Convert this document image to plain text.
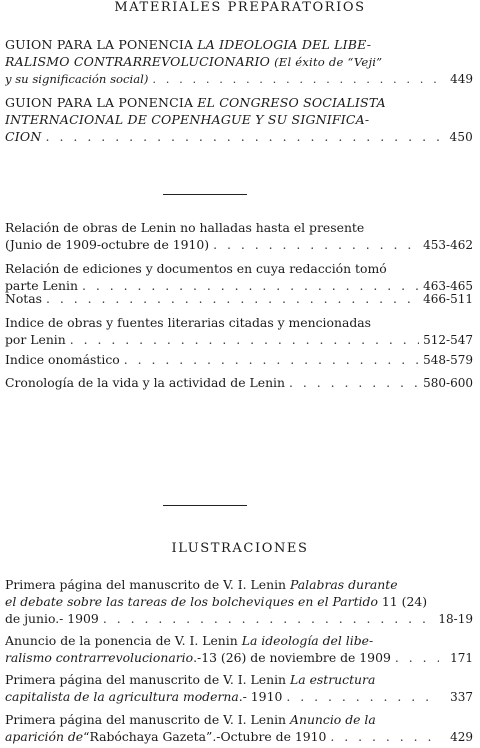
MATERIALES PREPARATORIOS
GUION PARA LA PONENCIA LA IDEOLOGIA DEL LIBE-
RALISMO CONTRARREVOLUCIONARIO (El éxito de “Veji”
y su significación social) . . .	449
GUION PARA LA PONENCIA EL CONGRESO SOCIALISTA
INTERNACIONAL DE COPENHAGUE Y SU SIGNIFICA-
CION . . .	450
Relación de obras de Lenin no halladas hasta el presente
(Junio de 1909-octubre de 1910) . . .	453-462
Relación de ediciones y documentos en cuya redacción tomó
parte Lenin . . .	463-465
Notas . . .	466-511
Indice de obras y fuentes literarias citadas y mencionadas
por Lenin . . .	512-547
Indice onomástico . . .	548-579
Cronología de la vida y la actividad de Lenin . . .	580-600
ILUSTRACIONES
Primera página del manuscrito de V. I. Lenin Palabras durante
el debate sobre las tareas de los bolcheviques en el Partido 11 (24)
de junio.- 1909 . . .	18-19
Anuncio de la ponencia de V. I. Lenin La ideología del libe-
ralismo contrarrevolucionario .-13 (26) de noviembre de 1909 . . .	171
Primera página del manuscrito de V. I. Lenin La estructura
capitalista de la agricultura moderna .- 1910 . . .	337
Primera página del manuscrito de V. I. Lenin Anuncio de la
aparición de “Rabóchaya Gazeta”.-Octubre de 1910 . . .	429
